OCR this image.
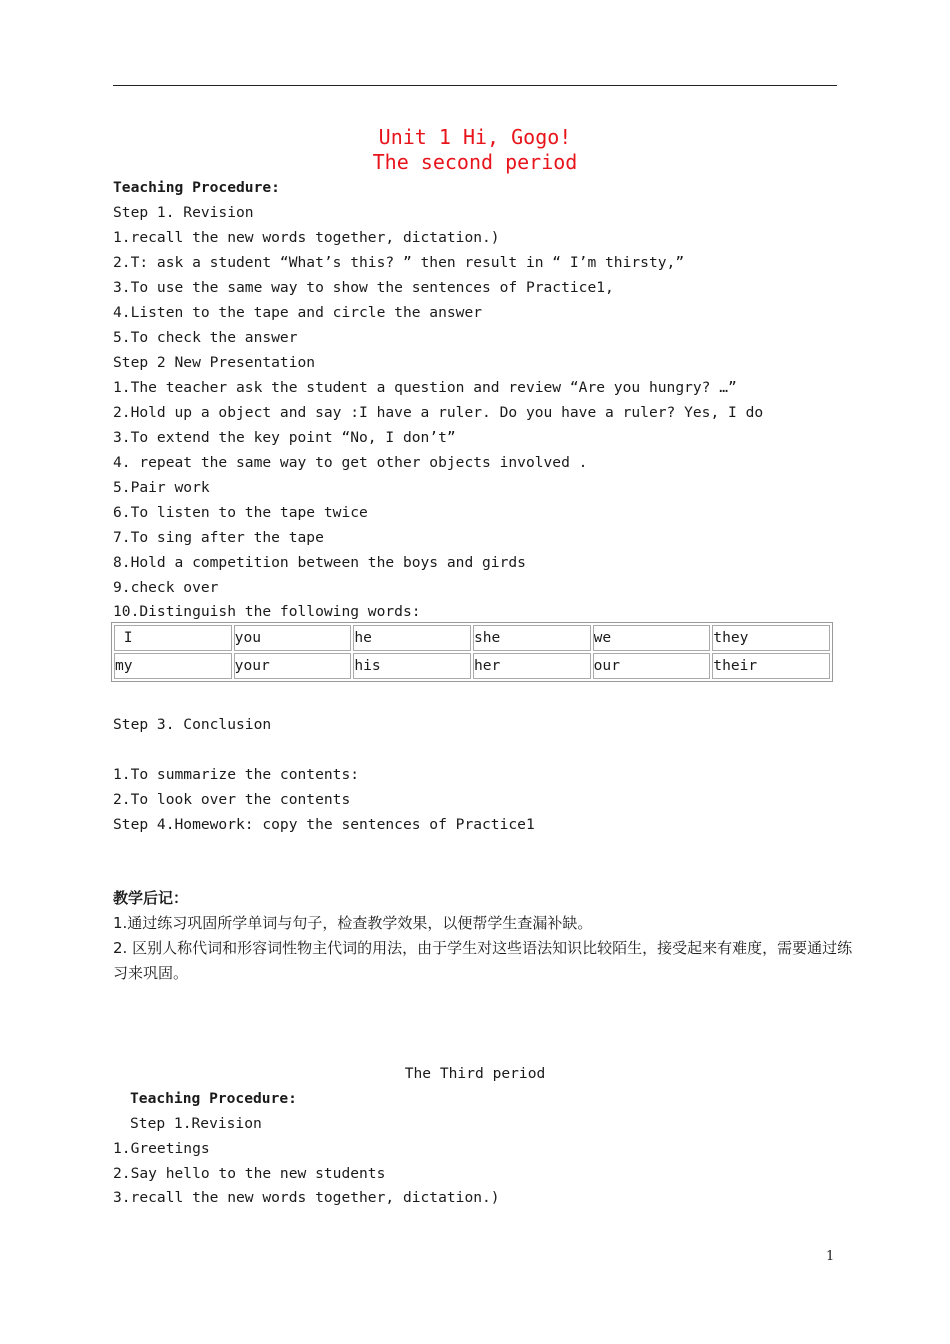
Unit 1 Hi, Gogo!
The second period
Teaching Procedure:
Step 1. Revision
1.recall the new words together, dictation.)
2.T: ask a student “What’s this? ” then result in “ I’m thirsty,”
3.To use the same way to show the sentences of Practice1,
4.Listen to the tape and circle the answer
5.To check the answer
Step 2 New Presentation
1.The teacher ask the student a question and review “Are you hungry? …”
2.Hold up a object and say :I have a ruler. Do you have a ruler? Yes, I do
3.To extend the key point “No, I don’t”
4. repeat the same way to get other objects involved .
5.Pair work
6.To listen to the tape twice
7.To sing after the tape
8.Hold a competition between the boys and girds
9.check over
10.Distinguish the following words:
I	you	he	she	we	they
my	your	his	her	our	their
Step 3. Conclusion
1.To summarize the contents:
2.To look over the contents
Step 4.Homework: copy the sentences of Practice1
教学后记：
1.通过练习巩固所学单词与句子，检查教学效果，以便帮学生查漏补缺。
2. 区别人称代词和形容词性物主代词的用法，由于学生对这些语法知识比较陌生，接受起来有难度，需要通过练习来巩固。
The Third period
Teaching Procedure:
Step 1.Revision
1.Greetings
2.Say hello to the new students
3.recall the new words together, dictation.)
1
